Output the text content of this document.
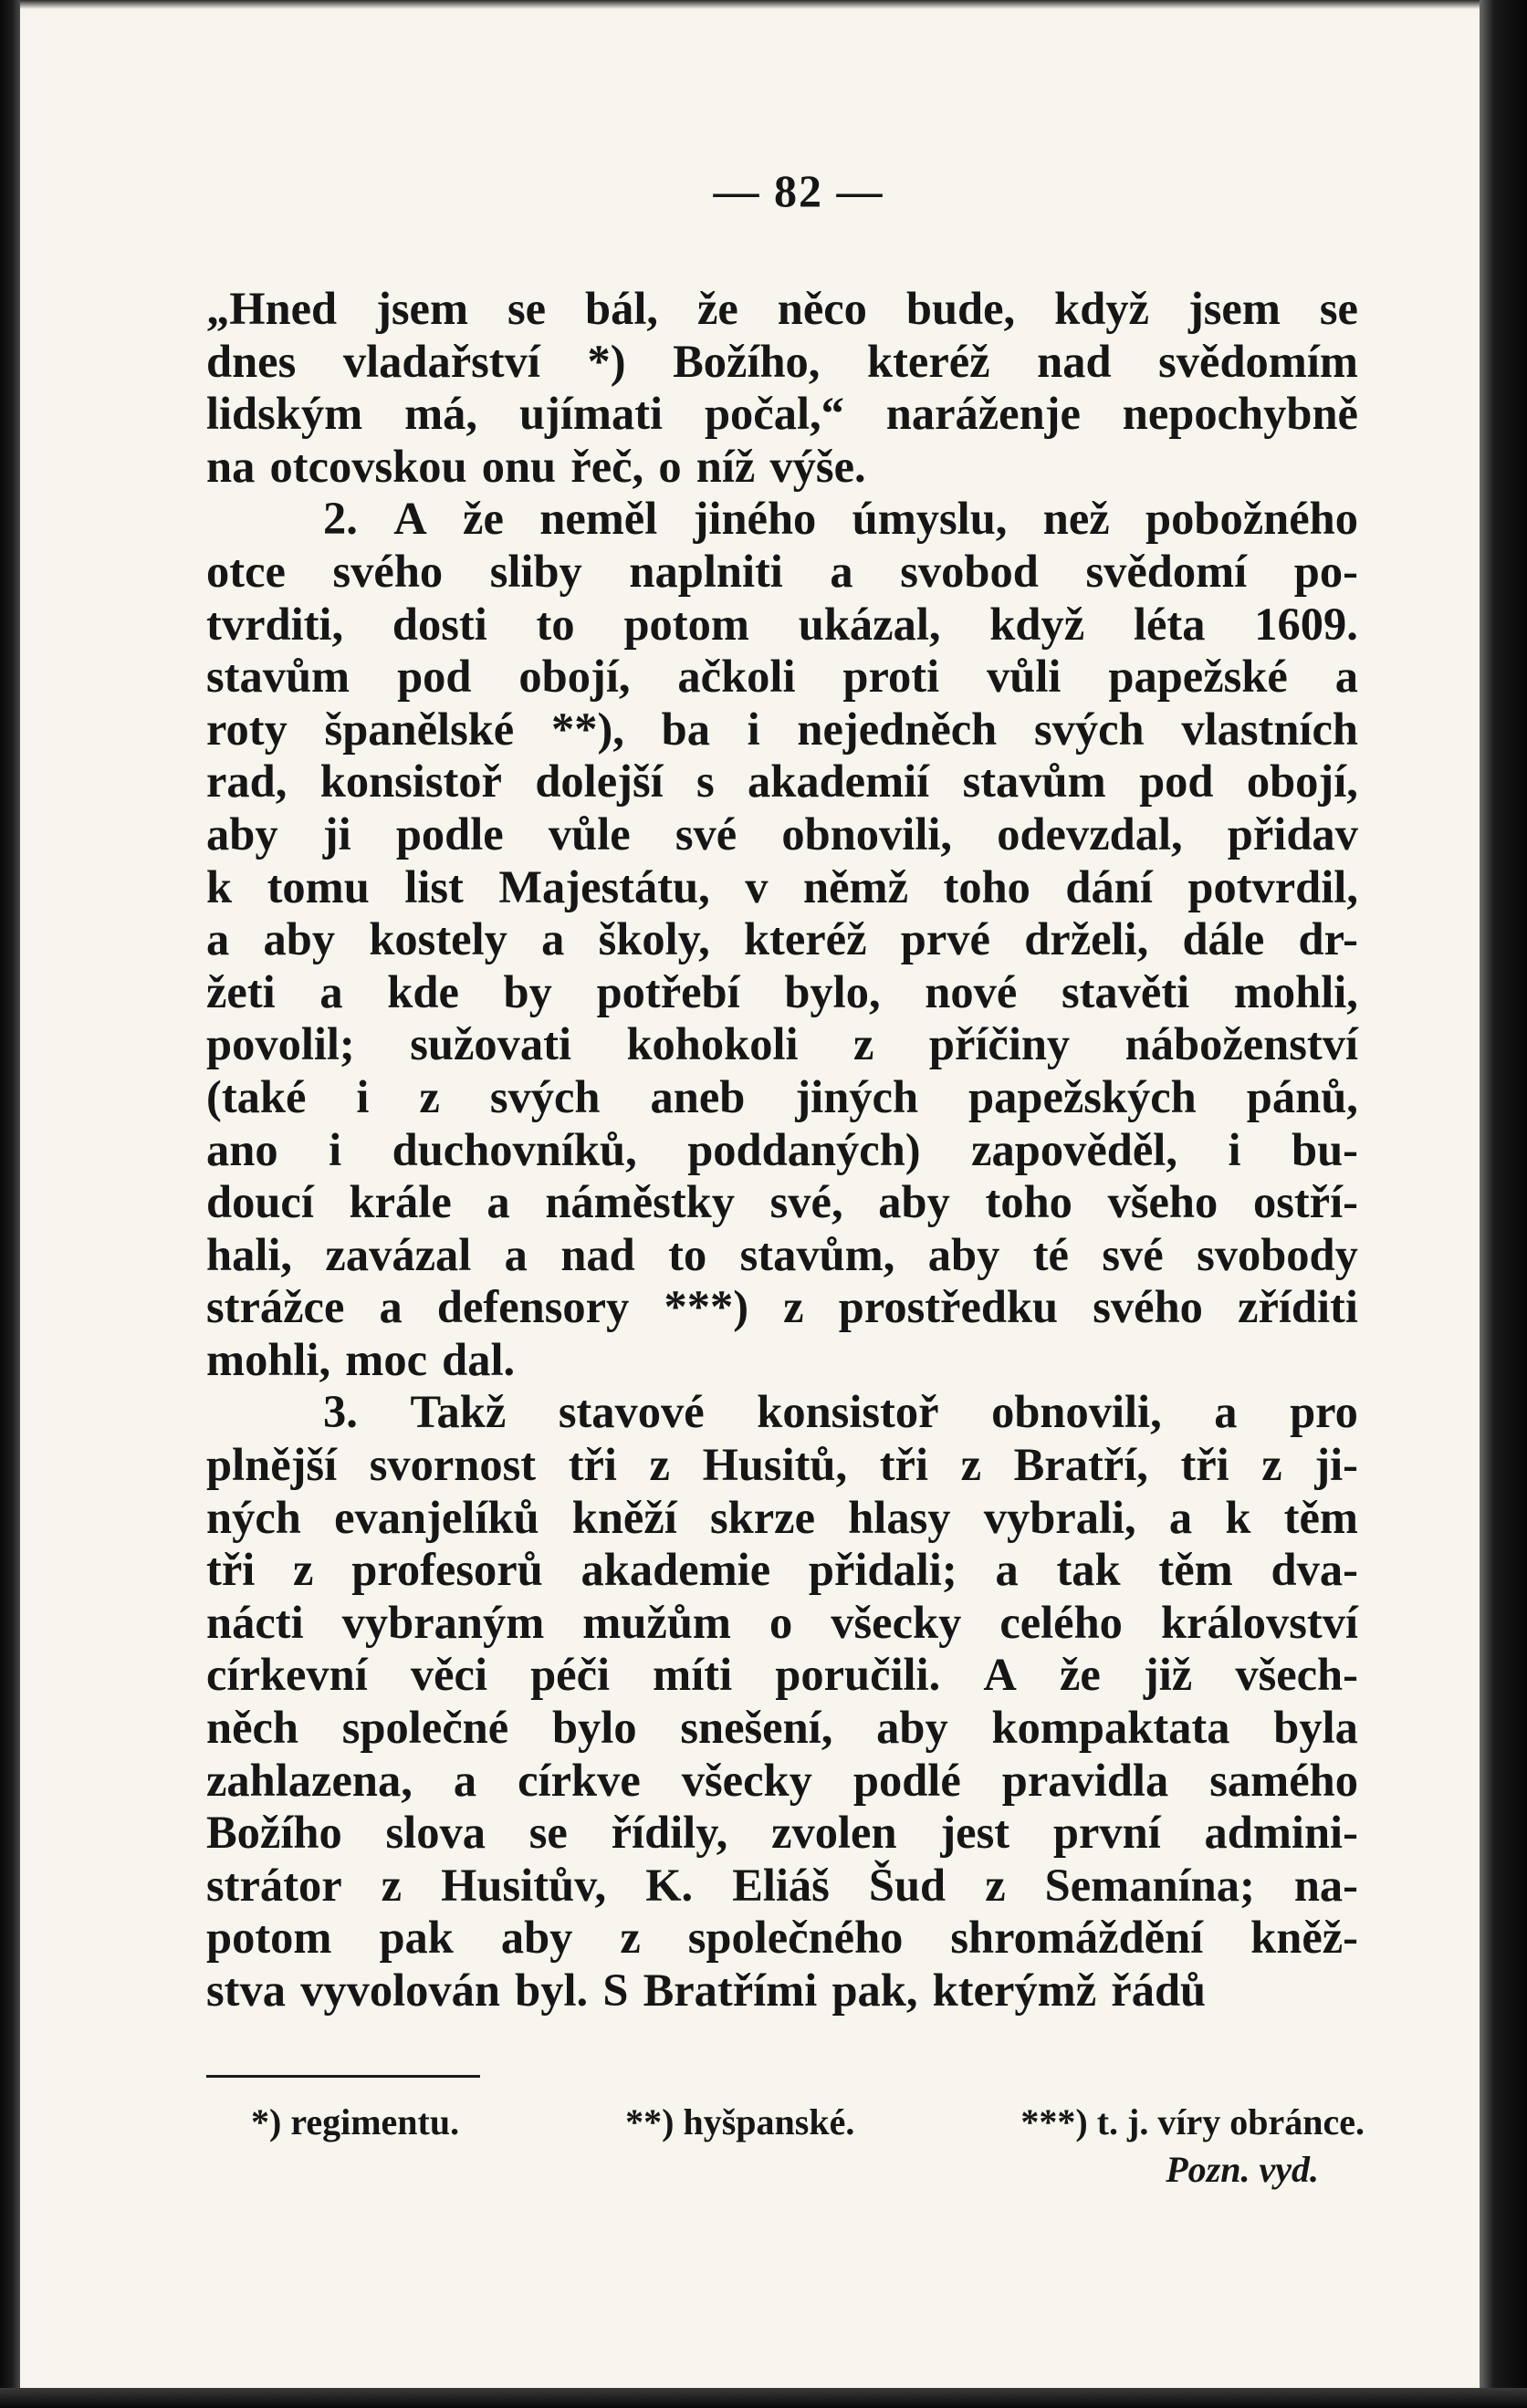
— 82 —
„Hned jsem se bál, že něco bude, když jsem se
dnes vladařství *) Božího, kteréž nad svědomím
lidským má, ujímati počal,“ naráženje nepochybně
na otcovskou onu řeč, o níž výše.
2. A že neměl jiného úmyslu, než pobožného
otce svého sliby naplniti a svobod svědomí po-
tvrditi, dosti to potom ukázal, když léta 1609.
stavům pod obojí, ačkoli proti vůli papežské a
roty španělské **), ba i nejedněch svých vlastních
rad, konsistoř dolejší s akademií stavům pod obojí,
aby ji podle vůle své obnovili, odevzdal, přidav
k tomu list Majestátu, v němž toho dání potvrdil,
a aby kostely a školy, kteréž prvé drželi, dále dr-
žeti a kde by potřebí bylo, nové stavěti mohli,
povolil; sužovati kohokoli z příčiny náboženství
(také i z svých aneb jiných papežských pánů,
ano i duchovníků, poddaných) zapověděl, i bu-
doucí krále a náměstky své, aby toho všeho ostří-
hali, zavázal a nad to stavům, aby té své svobody
strážce a defensory ***) z prostředku svého zříditi
mohli, moc dal.
3. Takž stavové konsistoř obnovili, a pro
plnější svornost tři z Husitů, tři z Bratří, tři z ji-
ných evanjelíků kněží skrze hlasy vybrali, a k těm
tři z profesorů akademie přidali; a tak těm dva-
nácti vybraným mužům o všecky celého království
církevní věci péči míti poručili. A že již všech-
něch společné bylo snešení, aby kompaktata byla
zahlazena, a církve všecky podlé pravidla samého
Božího slova se řídily, zvolen jest první admini-
strátor z Husitův, K. Eliáš Šud z Semanína; na-
potom pak aby z společného shromáždění kněž-
stva vyvolován byl. S Bratřími pak, kterýmž řádů
*) regimentu.	**) hyšpanské.	***) t. j. víry obránce.
Pozn. vyd.
